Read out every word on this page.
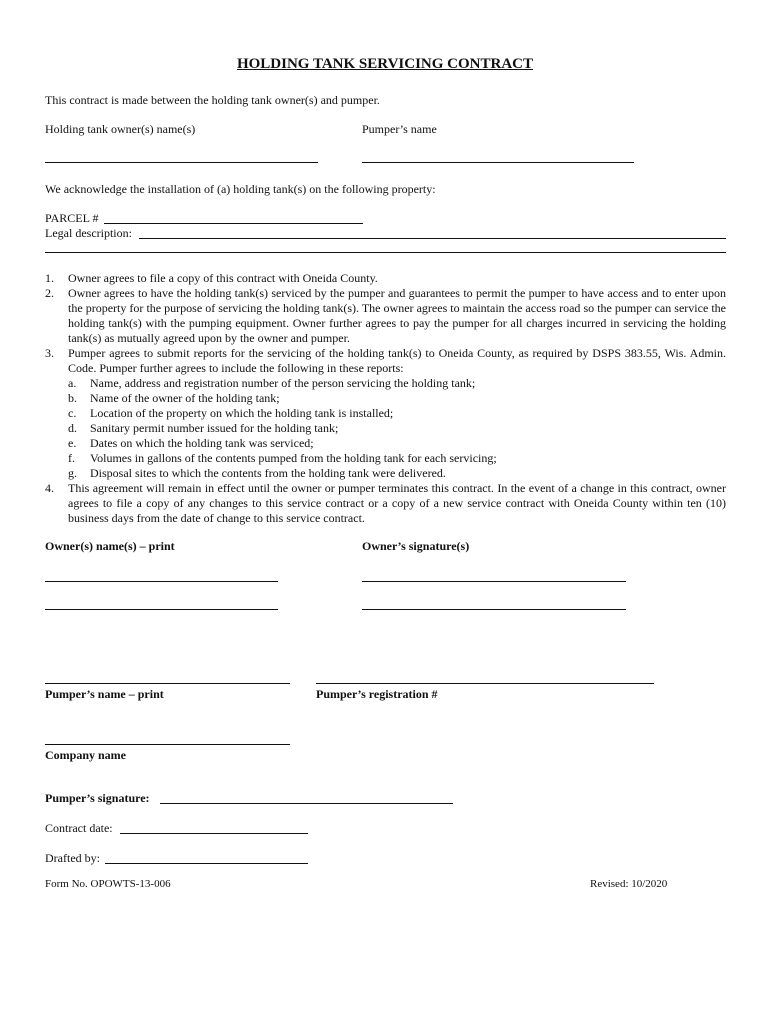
HOLDING TANK SERVICING CONTRACT
This contract is made between the holding tank owner(s) and pumper.
Holding tank owner(s) name(s)	Pumper’s name
We acknowledge the installation of (a) holding tank(s) on the following property:
PARCEL #
Legal description:
1.	Owner agrees to file a copy of this contract with Oneida County.
2.	Owner agrees to have the holding tank(s) serviced by the pumper and guarantees to permit the pumper to have access and to enter upon the property for the purpose of servicing the holding tank(s). The owner agrees to maintain the access road so the pumper can service the holding tank(s) with the pumping equipment. Owner further agrees to pay the pumper for all charges incurred in servicing the holding tank(s) as mutually agreed upon by the owner and pumper.
3.	Pumper agrees to submit reports for the servicing of the holding tank(s) to Oneida County, as required by DSPS 383.55, Wis. Admin. Code. Pumper further agrees to include the following in these reports:
a.	Name, address and registration number of the person servicing the holding tank;
b.	Name of the owner of the holding tank;
c.	Location of the property on which the holding tank is installed;
d.	Sanitary permit number issued for the holding tank;
e.	Dates on which the holding tank was serviced;
f.	Volumes in gallons of the contents pumped from the holding tank for each servicing;
g.	Disposal sites to which the contents from the holding tank were delivered.
4.	This agreement will remain in effect until the owner or pumper terminates this contract. In the event of a change in this contract, owner agrees to file a copy of any changes to this service contract or a copy of a new service contract with Oneida County within ten (10) business days from the date of change to this service contract.
Owner(s) name(s) – print	Owner’s signature(s)
Pumper’s name – print	Pumper’s registration #
Company name
Pumper’s signature:
Contract date:
Drafted by:
Form No. OPOWTS-13-006	Revised: 10/2020
